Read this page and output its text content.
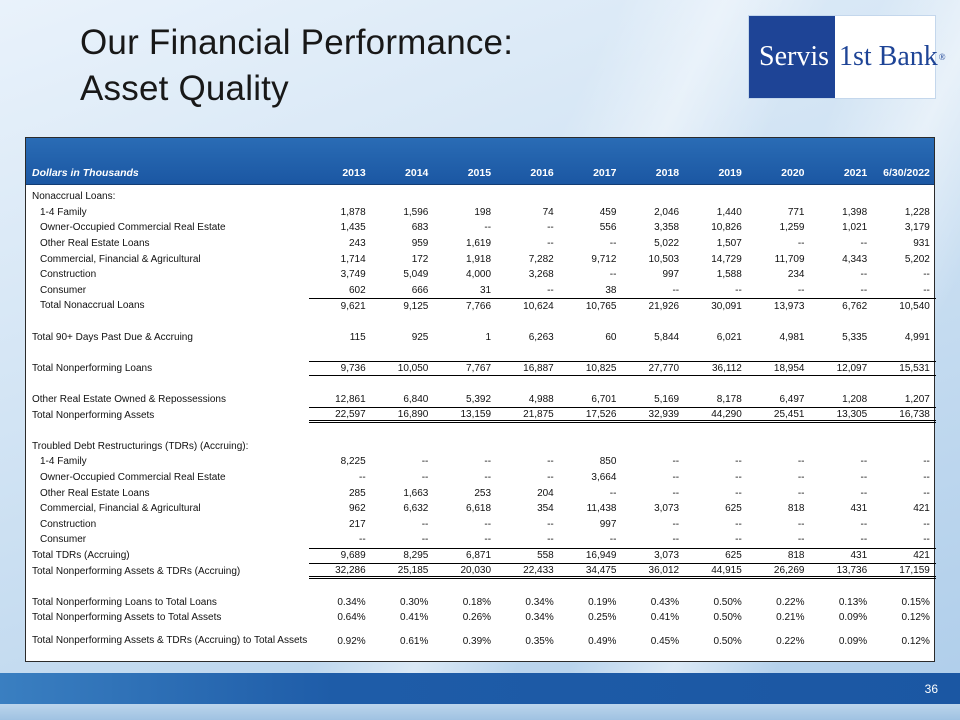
Our Financial Performance:
Asset Quality
Servis 1st Bank ®
Dollars in Thousands	2013	2014	2015	2016	2017	2018	2019	2020	2021	6/30/2022
Nonaccrual Loans:
1-4 Family	1,878	1,596	198	74	459	2,046	1,440	771	1,398	1,228
Owner-Occupied Commercial Real Estate	1,435	683	--	--	556	3,358	10,826	1,259	1,021	3,179
Other Real Estate Loans	243	959	1,619	--	--	5,022	1,507	--	--	931
Commercial, Financial & Agricultural	1,714	172	1,918	7,282	9,712	10,503	14,729	11,709	4,343	5,202
Construction	3,749	5,049	4,000	3,268	--	997	1,588	234	--	--
Consumer	602	666	31	--	38	--	--	--	--	--
Total Nonaccrual Loans	9,621	9,125	7,766	10,624	10,765	21,926	30,091	13,973	6,762	10,540
Total 90+ Days Past Due & Accruing	115	925	1	6,263	60	5,844	6,021	4,981	5,335	4,991
Total Nonperforming Loans	9,736	10,050	7,767	16,887	10,825	27,770	36,112	18,954	12,097	15,531
Other Real Estate Owned & Repossessions	12,861	6,840	5,392	4,988	6,701	5,169	8,178	6,497	1,208	1,207
Total Nonperforming Assets	22,597	16,890	13,159	21,875	17,526	32,939	44,290	25,451	13,305	16,738
Troubled Debt Restructurings (TDRs) (Accruing):
1-4 Family	8,225	--	--	--	850	--	--	--	--	--
Owner-Occupied Commercial Real Estate	--	--	--	--	3,664	--	--	--	--	--
Other Real Estate Loans	285	1,663	253	204	--	--	--	--	--	--
Commercial, Financial & Agricultural	962	6,632	6,618	354	11,438	3,073	625	818	431	421
Construction	217	--	--	--	997	--	--	--	--	--
Consumer	--	--	--	--	--	--	--	--	--	--
Total TDRs (Accruing)	9,689	8,295	6,871	558	16,949	3,073	625	818	431	421
Total Nonperforming Assets & TDRs (Accruing)	32,286	25,185	20,030	22,433	34,475	36,012	44,915	26,269	13,736	17,159
Total Nonperforming Loans to Total Loans	0.34%	0.30%	0.18%	0.34%	0.19%	0.43%	0.50%	0.22%	0.13%	0.15%
Total Nonperforming Assets to Total Assets	0.64%	0.41%	0.26%	0.34%	0.25%	0.41%	0.50%	0.21%	0.09%	0.12%
Total Nonperforming Assets & TDRs (Accruing) to Total Assets	0.92%	0.61%	0.39%	0.35%	0.49%	0.45%	0.50%	0.22%	0.09%	0.12%
36
